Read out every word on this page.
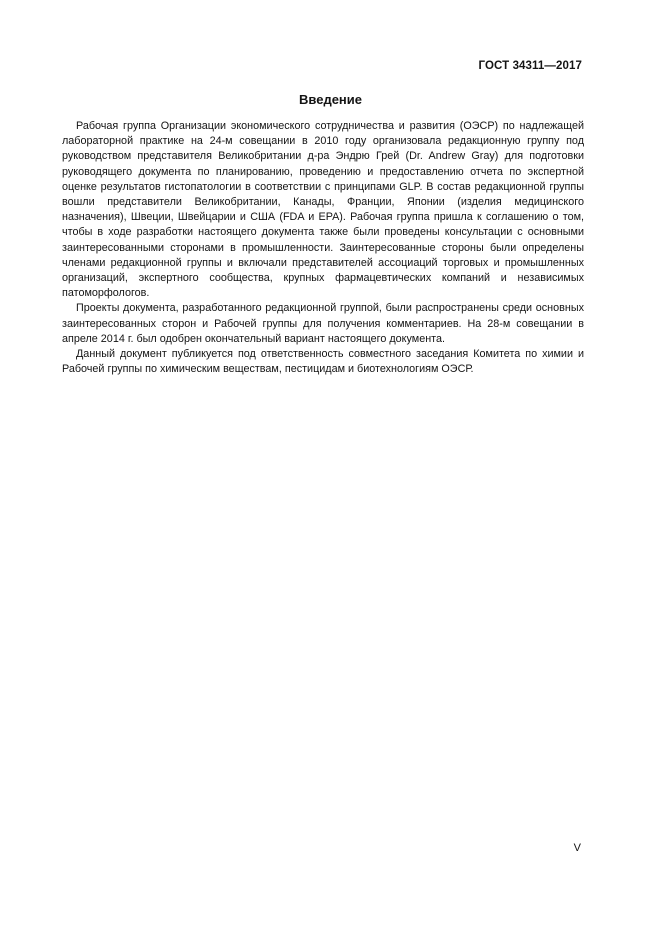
ГОСТ 34311—2017
Введение

Рабочая группа Организации экономического сотрудничества и развития (ОЭСР) по надлежащей лабораторной практике на 24-м совещании в 2010 году организовала редакционную группу под руководством представителя Великобритании д-ра Эндрю Грей (Dr. Andrew Gray) для подготовки руководящего документа по планированию, проведению и предоставлению отчета по экспертной оценке результатов гистопатологии в соответствии с принципами GLP. В состав редакционной группы вошли представители Великобритании, Канады, Франции, Японии (изделия медицинского назначения), Швеции, Швейцарии и США (FDA и EPA). Рабочая группа пришла к соглашению о том, чтобы в ходе разработки настоящего документа также были проведены консультации с основными заинтересованными сторонами в промышленности. Заинтересованные стороны были определены членами редакционной группы и включали представителей ассоциаций торговых и промышленных организаций, экспертного сообщества, крупных фармацевтических компаний и независимых патоморфологов.

Проекты документа, разработанного редакционной группой, были распространены среди основных заинтересованных сторон и Рабочей группы для получения комментариев. На 28-м совещании в апреле 2014 г. был одобрен окончательный вариант настоящего документа.

Данный документ публикуется под ответственность совместного заседания Комитета по химии и Рабочей группы по химическим веществам, пестицидам и биотехнологиям ОЭСР.

V
